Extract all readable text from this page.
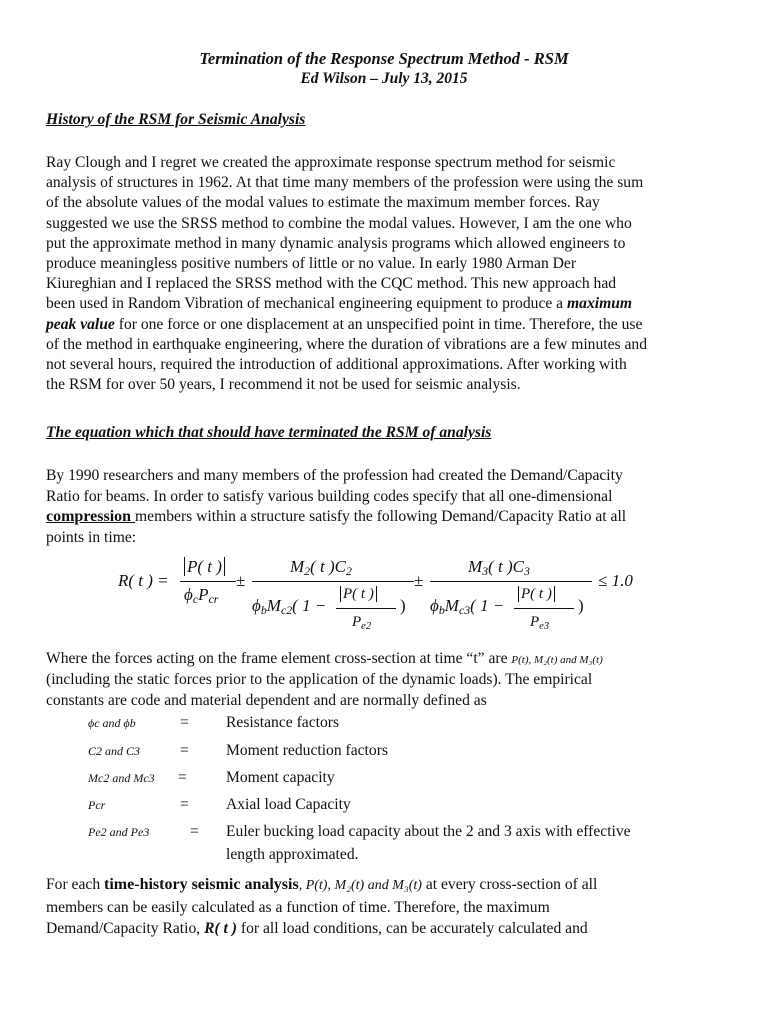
Termination of the Response Spectrum Method - RSM
Ed Wilson – July 13, 2015
History of the RSM for Seismic Analysis
Ray Clough and I regret we created the approximate response spectrum method for seismic
analysis of structures in 1962. At that time many members of the profession were using the sum
of the absolute values of the modal values to estimate the maximum member forces. Ray
suggested we use the SRSS method to combine the modal values. However, I am the one who
put the approximate method in many dynamic analysis programs which allowed engineers to
produce meaningless positive numbers of little or no value. In early 1980 Arman Der
Kiureghian and I replaced the SRSS method with the CQC method. This new approach had
been used in Random Vibration of mechanical engineering equipment to produce a maximum
peak value for one force or one displacement at an unspecified point in time. Therefore, the use
of the method in earthquake engineering, where the duration of vibrations are a few minutes and
not several hours, required the introduction of additional approximations. After working with
the RSM for over 50 years, I recommend it not be used for seismic analysis.
The equation which that should have terminated the RSM of analysis
By 1990 researchers and many members of the profession had created the Demand/Capacity
Ratio for beams. In order to satisfy various building codes specify that all one-dimensional
compression members within a structure satisfy the following Demand/Capacity Ratio at all
points in time:
R( t ) =
P( t )
$\phi_cP_{cr}$
±
$M_2$( t )$C_2$
$\phi_bM_{c2}$( 1 −
P( t )
)
$P_{e2}$
±
$M_3$( t )$C_3$
$\phi_bM_{c3}$( 1 −
P( t )
)
$P_{e3}$
≤ 1.0
Where the forces acting on the frame element cross-section at time “t” are P(t), M₂(t) and M₃(t)
(including the static forces prior to the application of the dynamic loads). The empirical
constants are code and material dependent and are normally defined as
ϕc and ϕb	= Resistance factors
C2 and C3	= Moment reduction factors
Mc2 and Mc3 =	Moment capacity
Pcr	= Axial load Capacity
Pe2 and Pe3	= Euler bucking load capacity about the 2 and 3 axis with effective
length approximated.
For each time-history seismic analysis, P(t), M₂(t) and M₃(t) at every cross-section of all
members can be easily calculated as a function of time. Therefore, the maximum
Demand/Capacity Ratio, R( t ) for all load conditions, can be accurately calculated and
